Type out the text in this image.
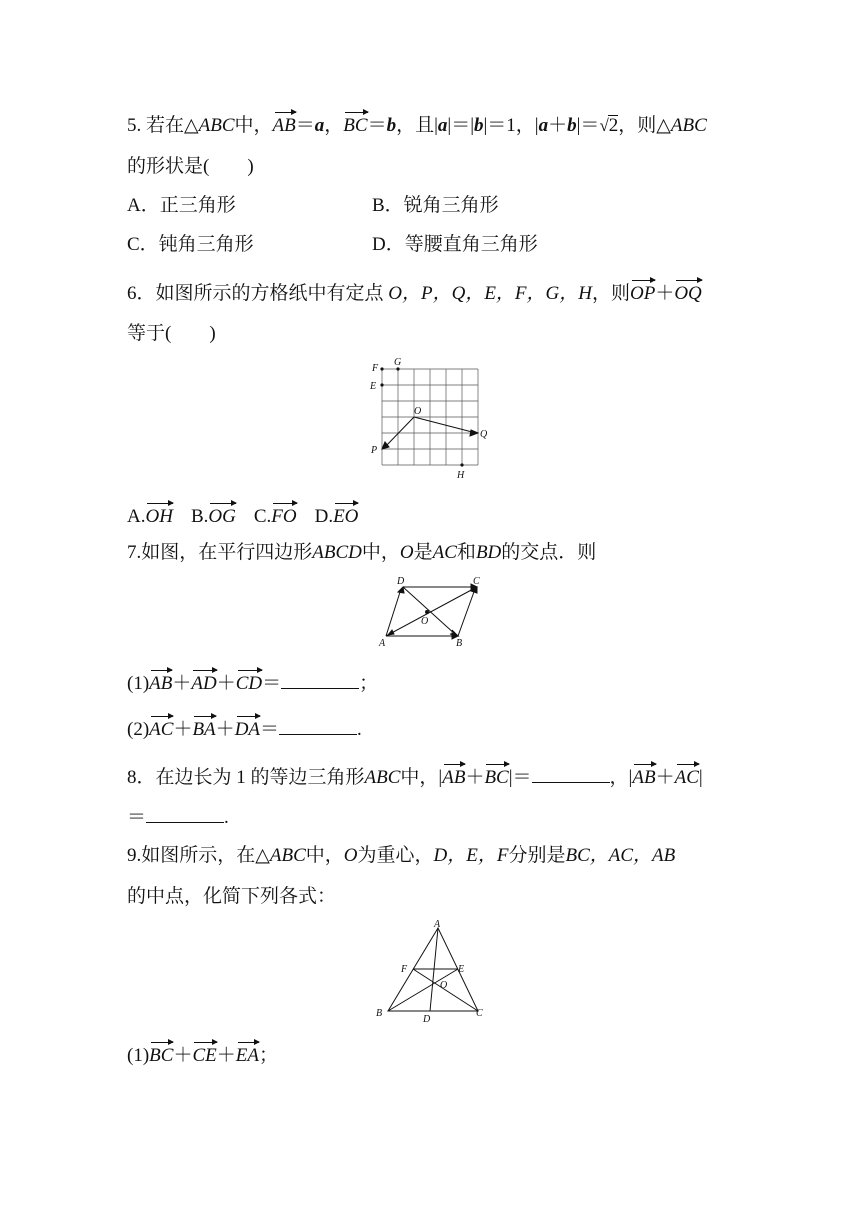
5. 若在△ABC中，AB＝a，BC＝b，且|a|＝|b|＝1，|a＋b|＝√2，则△ABC
的形状是(　　)
A．正三角形	B．锐角三角形
C．钝角三角形	D．等腰直角三角形
6．如图所示的方格纸中有定点 O，P，Q，E，F，G，H，则OP＋OQ
等于(　　)
F
G
E
O
P
Q
H
A.OH B.OG C.FO D.EO
7.如图，在平行四边形ABCD中，O是AC和BD的交点．则
D	C
O
A	B
(1)AB＋AD＋CD＝	；
(2)AC＋BA＋DA＝	.
8．在边长为 1 的等边三角形ABC中，|AB＋BC|＝	，|AB＋AC|
＝	.
9.如图所示，在△ABC中，O为重心，D，E，F分别是BC，AC，AB
的中点，化简下列各式：
A
F	E
O
B
D
C
(1)BC＋CE＋EA；
